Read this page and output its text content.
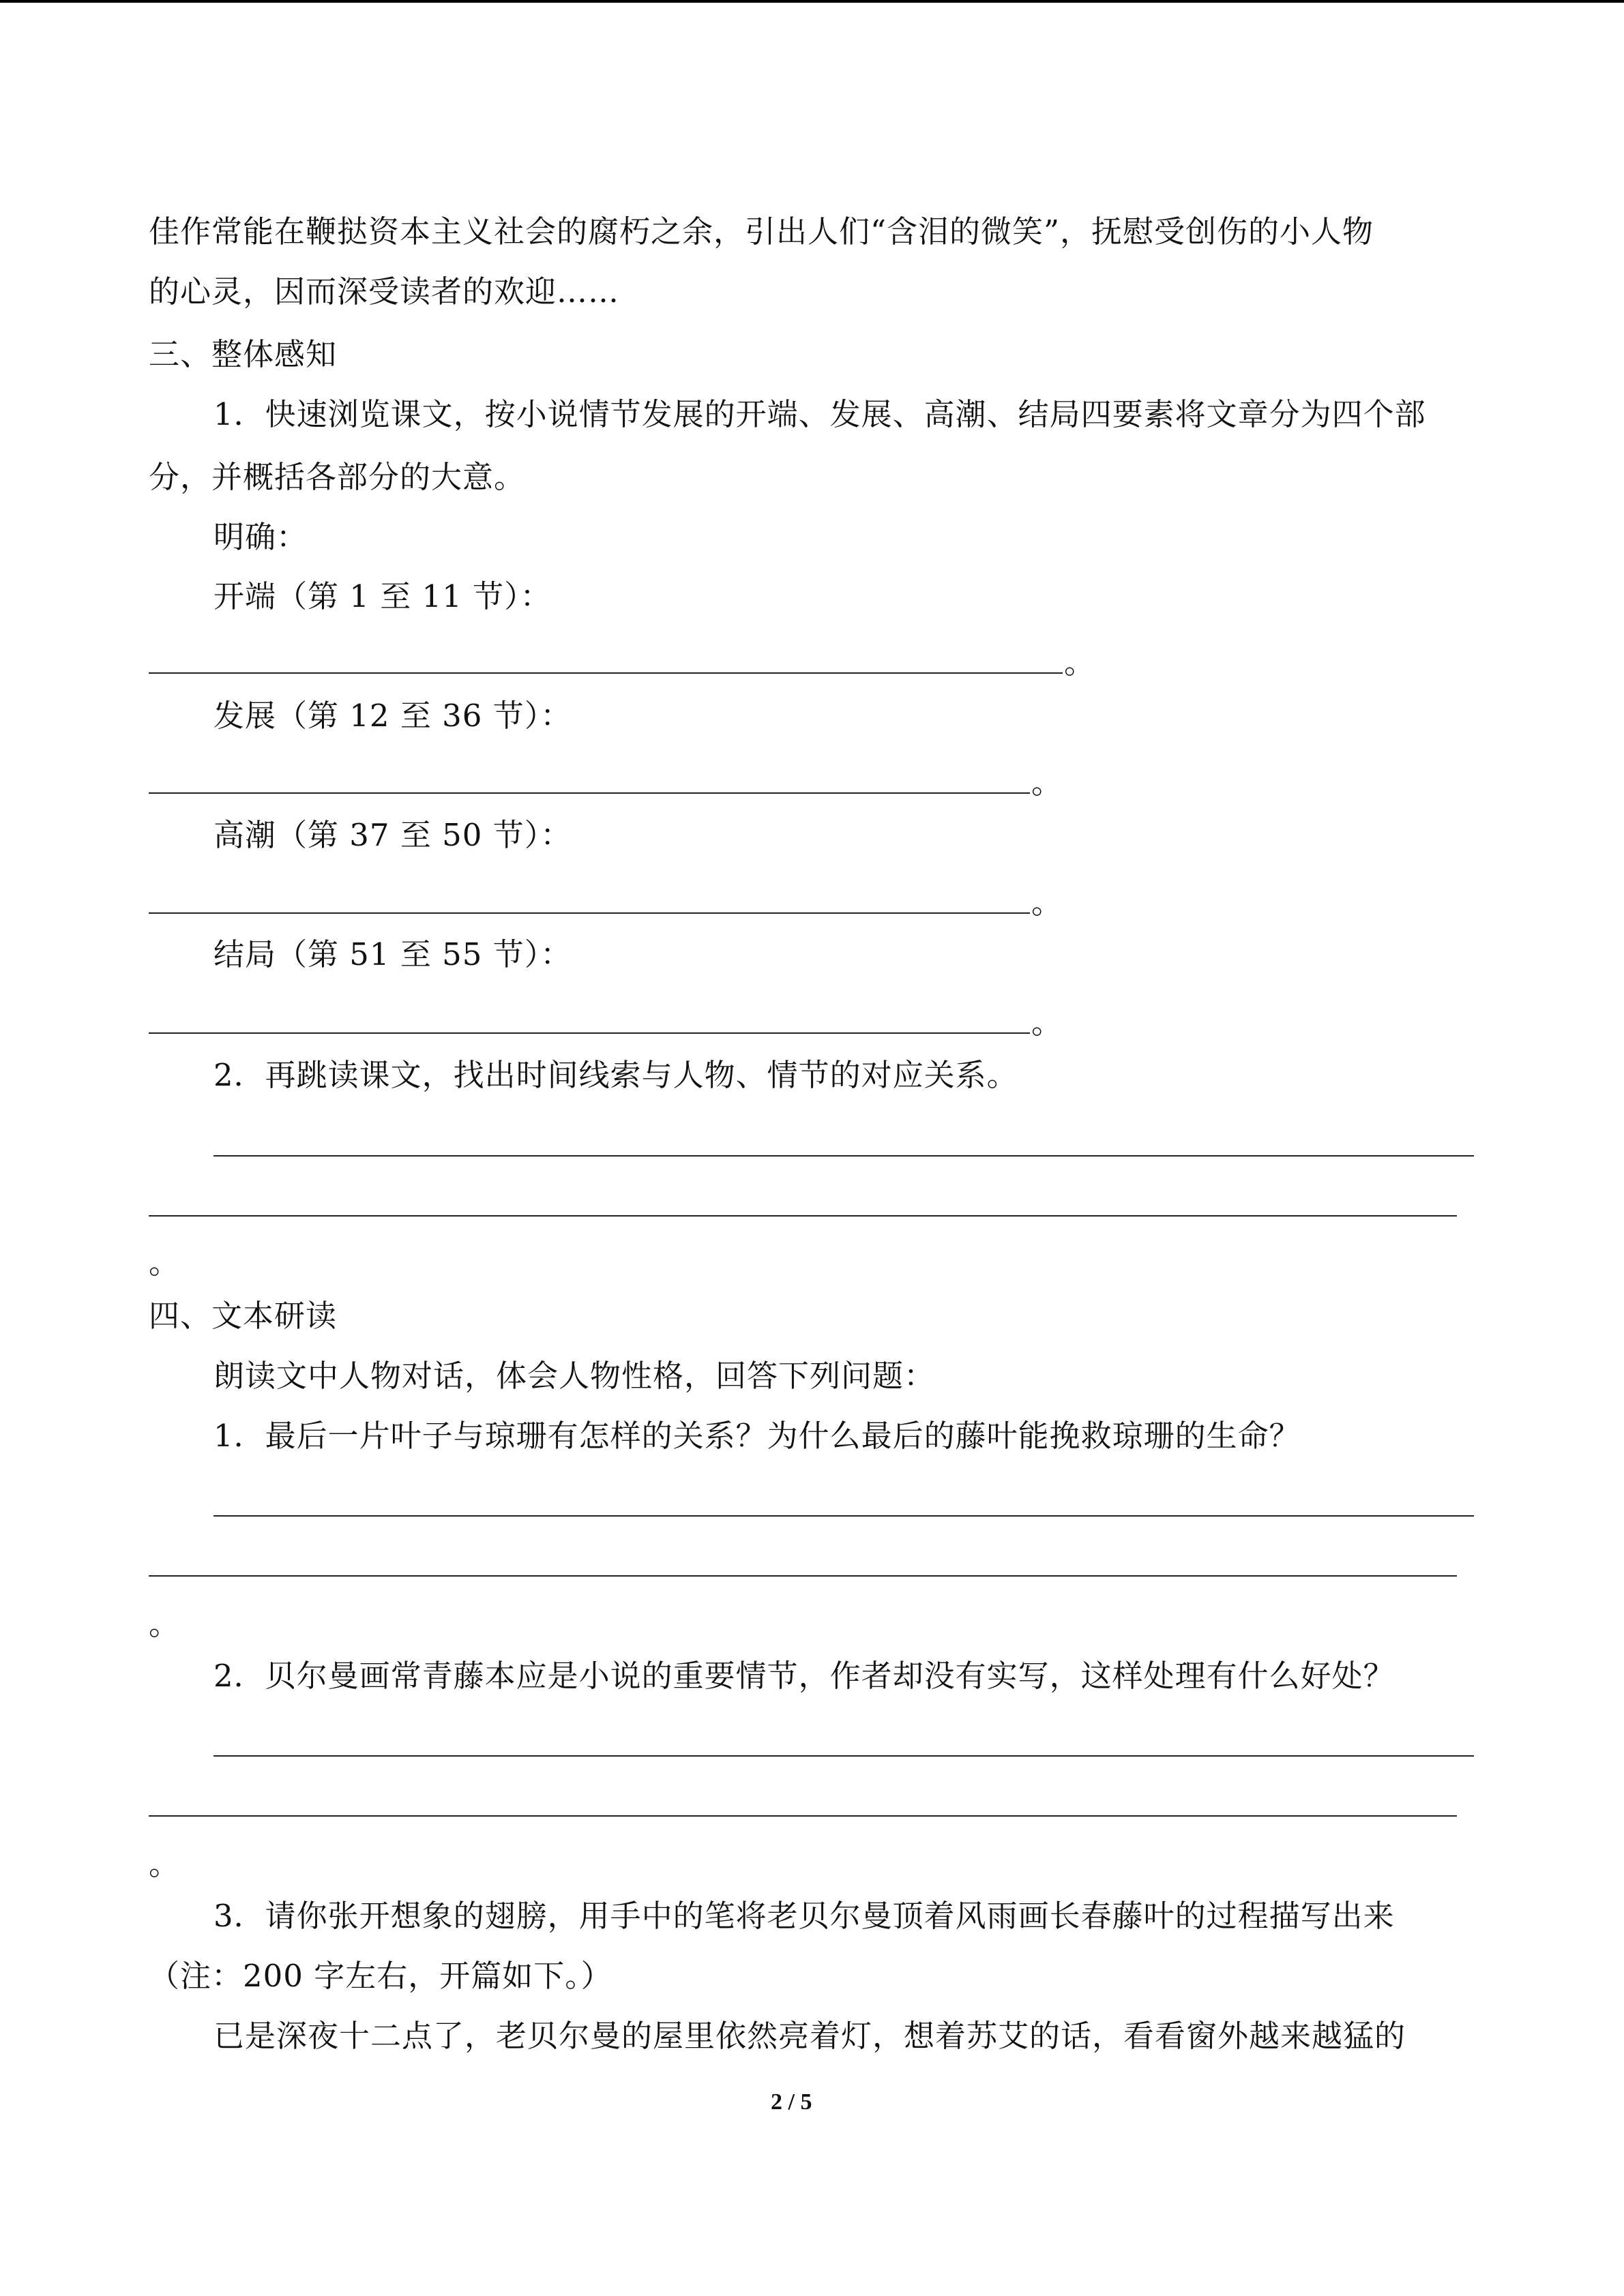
佳作常能在鞭挞资本主义社会的腐朽之余，引出人们“含泪的微笑”，抚慰受创伤的小人物
的心灵，因而深受读者的欢迎……
三、整体感知
1．快速浏览课文，按小说情节发展的开端、发展、高潮、结局四要素将文章分为四个部
分，并概括各部分的大意。
明确：
开端（第 1 至 11 节）：
。
发展（第 12 至 36 节）：
。
高潮（第 37 至 50 节）：
。
结局（第 51 至 55 节）：
。
2．再跳读课文，找出时间线索与人物、情节的对应关系。
。
四、文本研读
朗读文中人物对话，体会人物性格，回答下列问题：
1．最后一片叶子与琼珊有怎样的关系？为什么最后的藤叶能挽救琼珊的生命？
。
2．贝尔曼画常青藤本应是小说的重要情节，作者却没有实写，这样处理有什么好处？
。
3．请你张开想象的翅膀，用手中的笔将老贝尔曼顶着风雨画长春藤叶的过程描写出来
（注：200 字左右，开篇如下。）
已是深夜十二点了，老贝尔曼的屋里依然亮着灯，想着苏艾的话，看看窗外越来越猛的
2 / 5
